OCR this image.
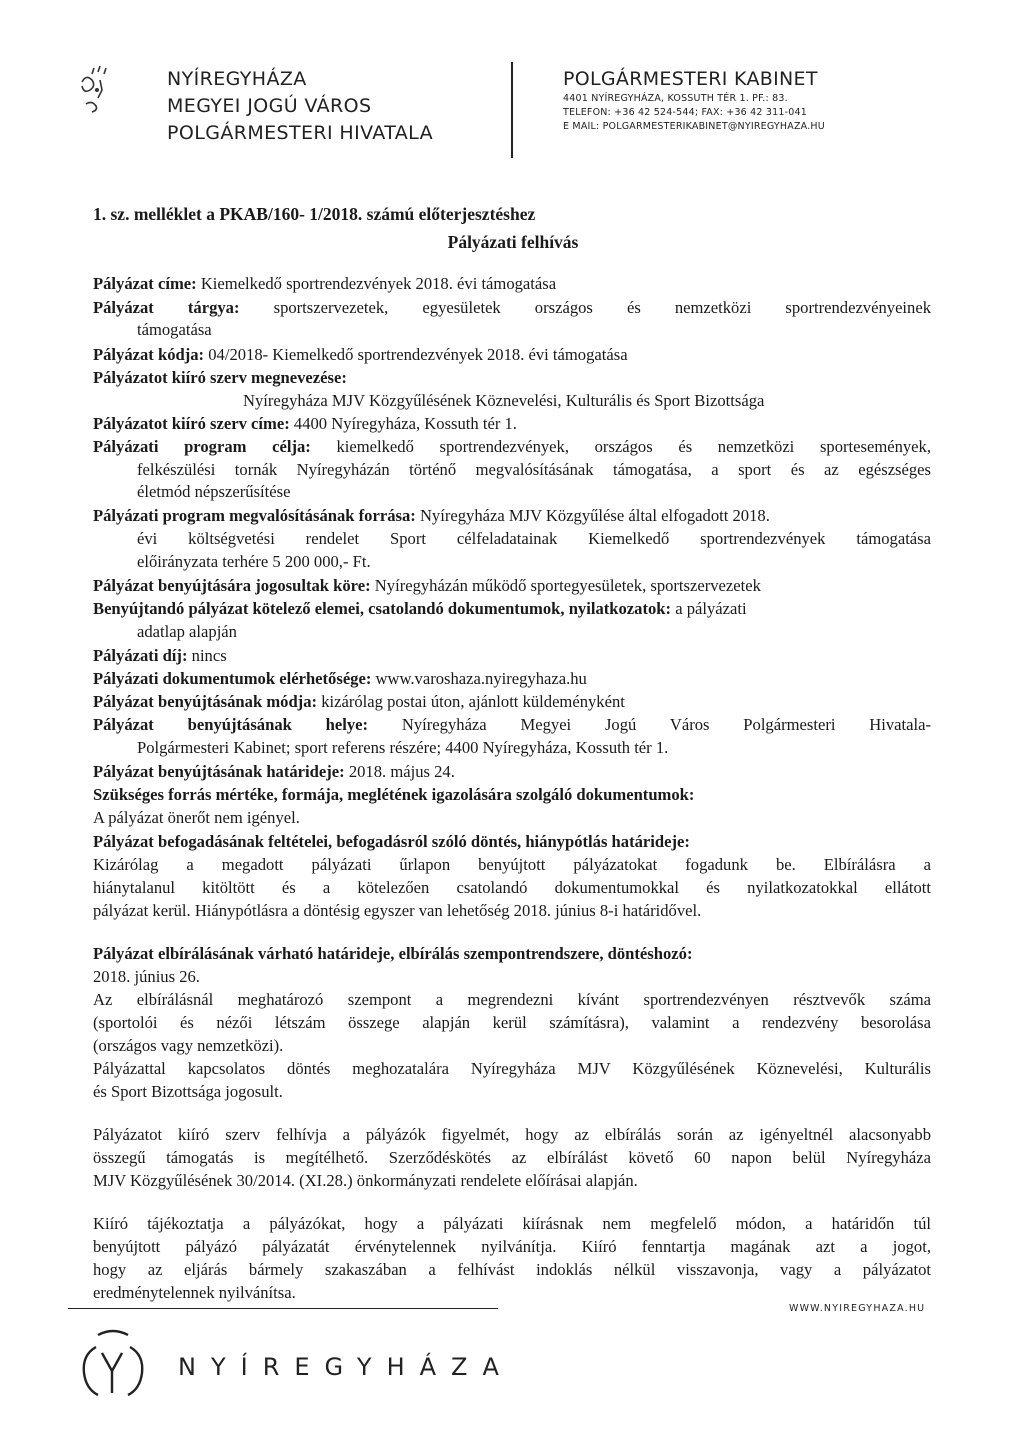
NYÍREGYHÁZA
MEGYEI JOGÚ VÁROS
POLGÁRMESTERI HIVATALA
POLGÁRMESTERI KABINET
4401 NYÍREGYHÁZA, KOSSUTH TÉR 1. PF.: 83.
TELEFON: +36 42 524-544; FAX: +36 42 311-041
E MAIL: POLGARMESTERIKABINET@NYIREGYHAZA.HU
1. sz. melléklet a PKAB/160- 1/2018. számú előterjesztéshez
Pályázati felhívás
Pályázat címe: Kiemelkedő sportrendezvények 2018. évi támogatása
Pályázat tárgya: sportszervezetek, egyesületek országos és nemzetközi sportrendezvényeinek
támogatása
Pályázat kódja: 04/2018- Kiemelkedő sportrendezvények 2018. évi támogatása
Pályázatot kiíró szerv megnevezése:
Nyíregyháza MJV Közgyűlésének Köznevelési, Kulturális és Sport Bizottsága
Pályázatot kiíró szerv címe: 4400 Nyíregyháza, Kossuth tér 1.
Pályázati program célja: kiemelkedő sportrendezvények, országos és nemzetközi sportesemények,
felkészülési tornák Nyíregyházán történő megvalósításának támogatása, a sport és az egészséges
életmód népszerűsítése
Pályázati program megvalósításának forrása: Nyíregyháza MJV Közgyűlése által elfogadott 2018.
évi költségvetési rendelet Sport célfeladatainak Kiemelkedő sportrendezvények támogatása
előirányzata terhére 5 200 000,- Ft.
Pályázat benyújtására jogosultak köre: Nyíregyházán működő sportegyesületek, sportszervezetek
Benyújtandó pályázat kötelező elemei, csatolandó dokumentumok, nyilatkozatok: a pályázati
adatlap alapján
Pályázati díj: nincs
Pályázati dokumentumok elérhetősége: www.varoshaza.nyiregyhaza.hu
Pályázat benyújtásának módja: kizárólag postai úton, ajánlott küldeményként
Pályázat benyújtásának helye: Nyíregyháza Megyei Jogú Város Polgármesteri Hivatala-
Polgármesteri Kabinet; sport referens részére; 4400 Nyíregyháza, Kossuth tér 1.
Pályázat benyújtásának határideje: 2018. május 24.
Szükséges forrás mértéke, formája, meglétének igazolására szolgáló dokumentumok:
A pályázat önerőt nem igényel.
Pályázat befogadásának feltételei, befogadásról szóló döntés, hiánypótlás határideje:
Kizárólag a megadott pályázati űrlapon benyújtott pályázatokat fogadunk be. Elbírálásra a
hiánytalanul kitöltött és a kötelezően csatolandó dokumentumokkal és nyilatkozatokkal ellátott
pályázat kerül. Hiánypótlásra a döntésig egyszer van lehetőség 2018. június 8-i határidővel.
Pályázat elbírálásának várható határideje, elbírálás szempontrendszere, döntéshozó:
2018. június 26.
Az elbírálásnál meghatározó szempont a megrendezni kívánt sportrendezvényen résztvevők száma
(sportolói és nézői létszám összege alapján kerül számításra), valamint a rendezvény besorolása
(országos vagy nemzetközi).
Pályázattal kapcsolatos döntés meghozatalára Nyíregyháza MJV Közgyűlésének Köznevelési, Kulturális
és Sport Bizottsága jogosult.
Pályázatot kiíró szerv felhívja a pályázók figyelmét, hogy az elbírálás során az igényeltnél alacsonyabb
összegű támogatás is megítélhető. Szerződéskötés az elbírálást követő 60 napon belül Nyíregyháza
MJV Közgyűlésének 30/2014. (XI.28.) önkormányzati rendelete előírásai alapján.
Kiíró tájékoztatja a pályázókat, hogy a pályázati kiírásnak nem megfelelő módon, a határidőn túl
benyújtott pályázó pályázatát érvénytelennek nyilvánítja. Kiíró fenntartja magának azt a jogot,
hogy az eljárás bármely szakaszában a felhívást indoklás nélkül visszavonja, vagy a pályázatot
eredménytelennek nyilvánítsa.
WWW.NYIREGYHAZA.HU
NYÍREGYHÁZA
